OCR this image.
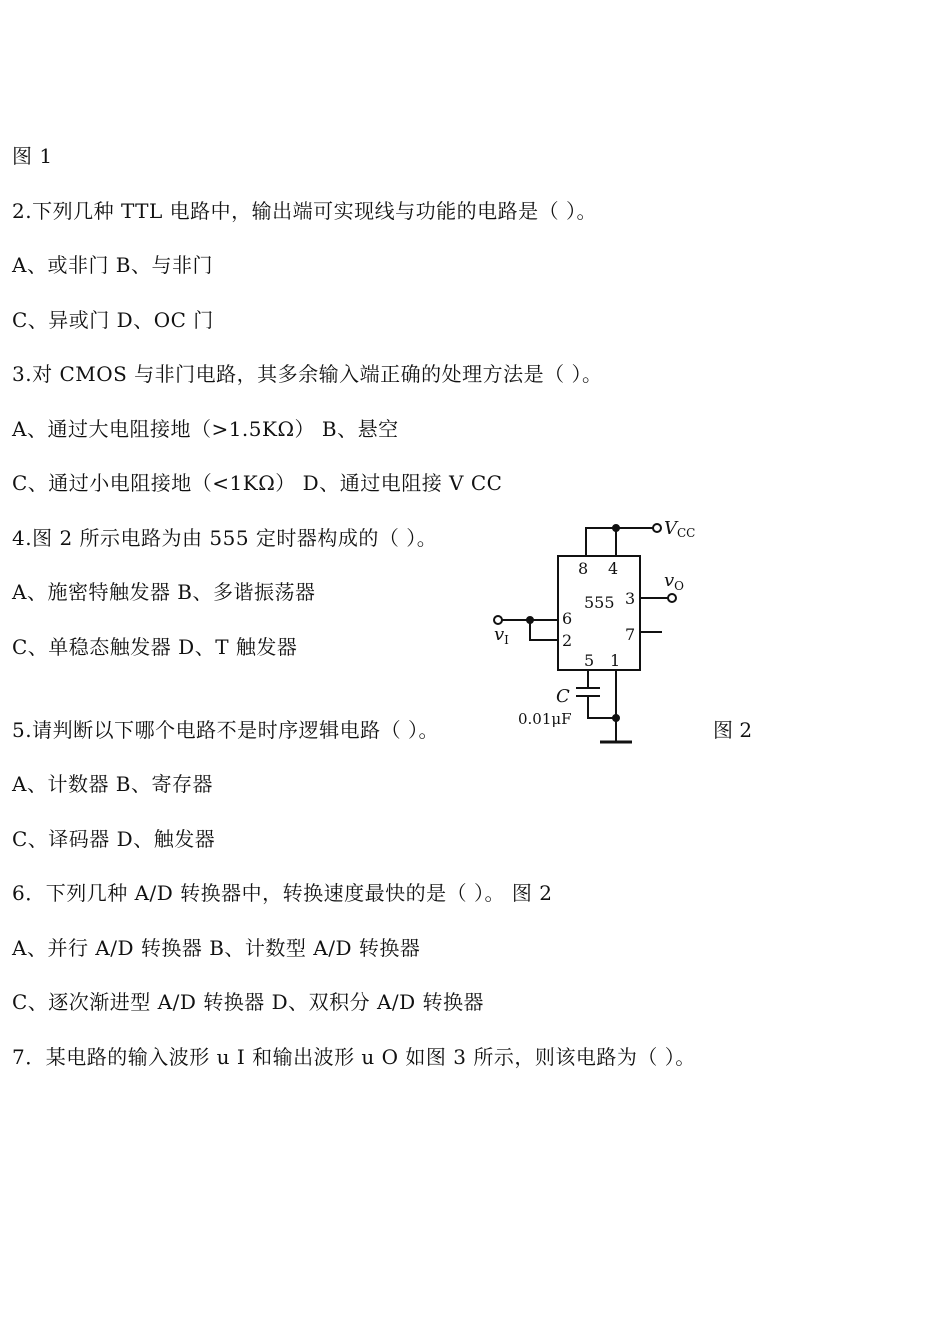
图 1
2.下列几种 TTL 电路中，输出端可实现线与功能的电路是（ ）。
A、或非门 B、与非门
C、异或门 D、OC 门
3.对 CMOS 与非门电路，其多余输入端正确的处理方法是（ ）。
A、通过大电阻接地（>1.5KΩ） B、悬空
C、通过小电阻接地（<1KΩ） D、通过电阻接 V CC
4.图 2 所示电路为由 555 定时器构成的（ ）。
A、施密特触发器 B、多谐振荡器
C、单稳态触发器 D、T 触发器
5.请判断以下哪个电路不是时序逻辑电路（ ）。
A、计数器 B、寄存器
C、译码器 D、触发器
6．下列几种 A/D 转换器中，转换速度最快的是（ ）。 图 2
A、并行 A/D 转换器 B、计数型 A/D 转换器
C、逐次渐进型 A/D 转换器 D、双积分 A/D 转换器
7．某电路的输入波形 u I 和输出波形 u O 如图 3 所示，则该电路为（ ）。
图 2
8 4
555 3
6
2	7
5 1
VCC
$v_O$
$v_I$
C
0.01μF
